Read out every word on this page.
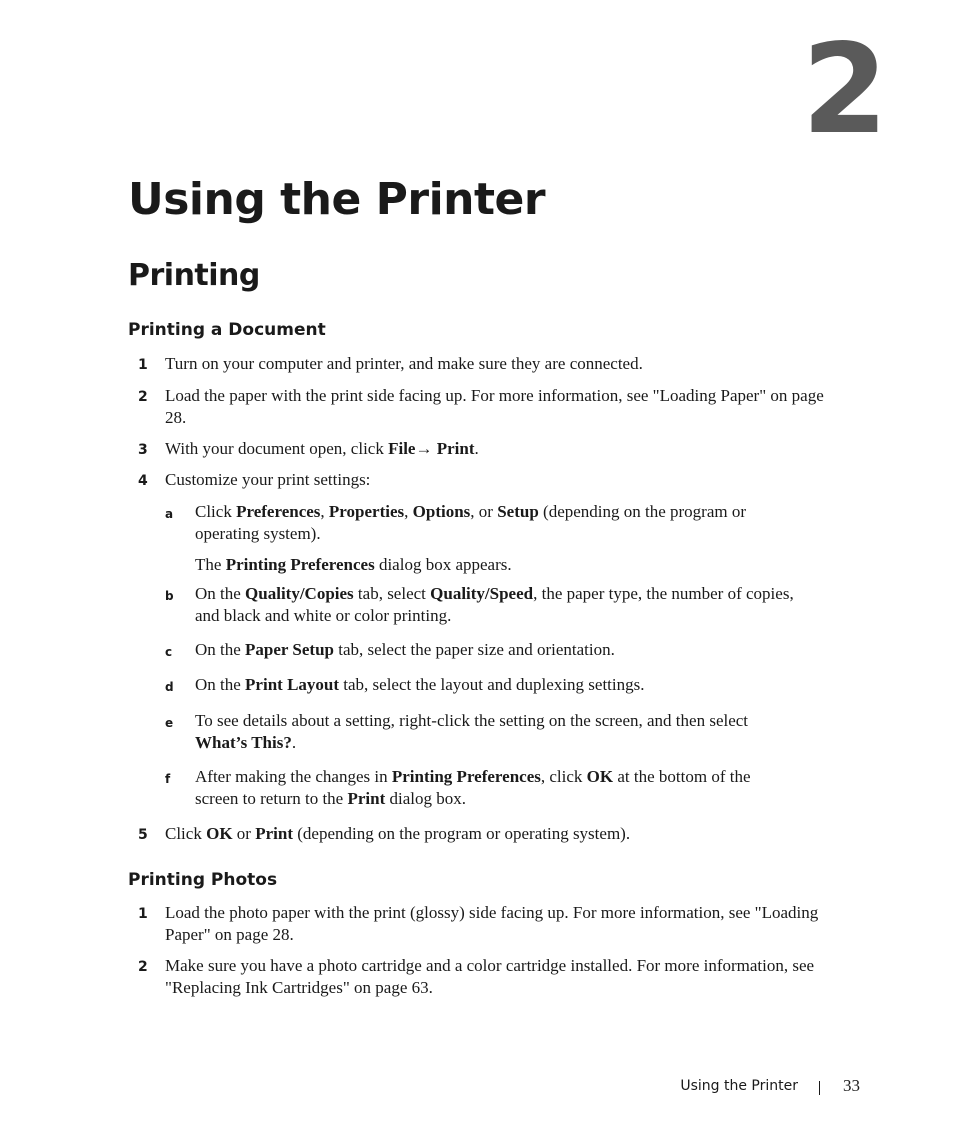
2
Using the Printer
Printing
Printing a Document
1 Turn on your computer and printer, and make sure they are connected.
2 Load the paper with the print side facing up. For more information, see "Loading Paper" on page 28.
3 With your document open, click File→ Print.
4 Customize your print settings:
a Click Preferences, Properties, Options, or Setup (depending on the program or operating system).
The Printing Preferences dialog box appears.
b On the Quality/Copies tab, select Quality/Speed, the paper type, the number of copies, and black and white or color printing.
c On the Paper Setup tab, select the paper size and orientation.
d On the Print Layout tab, select the layout and duplexing settings.
e To see details about a setting, right-click the setting on the screen, and then select What’s This?.
f After making the changes in Printing Preferences, click OK at the bottom of the screen to return to the Print dialog box.
5 Click OK or Print (depending on the program or operating system).
Printing Photos
1 Load the photo paper with the print (glossy) side facing up. For more information, see "Loading Paper" on page 28.
2 Make sure you have a photo cartridge and a color cartridge installed. For more information, see "Replacing Ink Cartridges" on page 63.
Using the Printer	33
